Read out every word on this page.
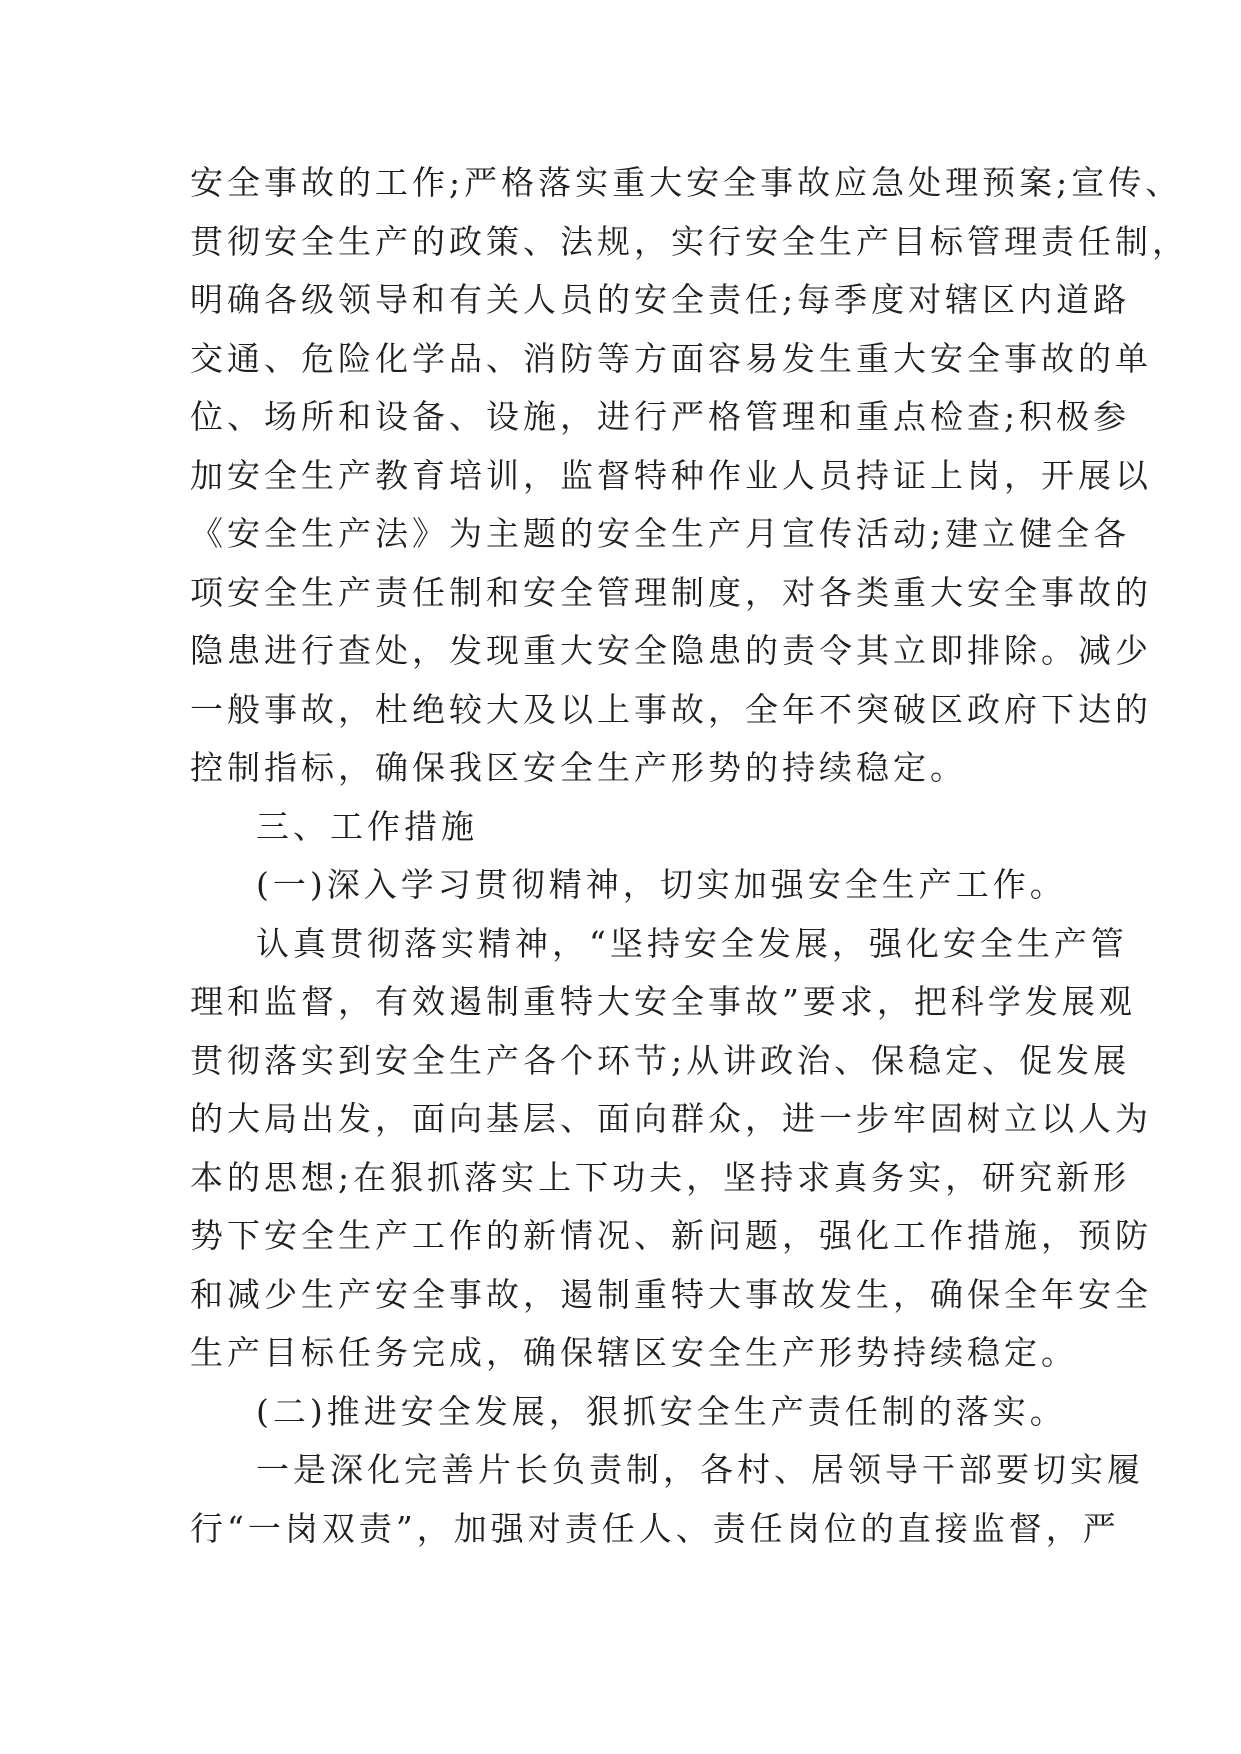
安全事故的工作;严格落实重大安全事故应急处理预案;宣传、
贯彻安全生产的政策、法规，实行安全生产目标管理责任制，
明确各级领导和有关人员的安全责任;每季度对辖区内道路
交通、危险化学品、消防等方面容易发生重大安全事故的单
位、场所和设备、设施，进行严格管理和重点检查;积极参
加安全生产教育培训，监督特种作业人员持证上岗，开展以
《安全生产法》为主题的安全生产月宣传活动;建立健全各
项安全生产责任制和安全管理制度，对各类重大安全事故的
隐患进行查处，发现重大安全隐患的责令其立即排除。减少
一般事故，杜绝较大及以上事故，全年不突破区政府下达的
控制指标，确保我区安全生产形势的持续稳定。
三、工作措施
(一)深入学习贯彻精神，切实加强安全生产工作。
认真贯彻落实精神，“坚持安全发展，强化安全生产管
理和监督，有效遏制重特大安全事故”要求，把科学发展观
贯彻落实到安全生产各个环节;从讲政治、保稳定、促发展
的大局出发，面向基层、面向群众，进一步牢固树立以人为
本的思想;在狠抓落实上下功夫，坚持求真务实，研究新形
势下安全生产工作的新情况、新问题，强化工作措施，预防
和减少生产安全事故，遏制重特大事故发生，确保全年安全
生产目标任务完成，确保辖区安全生产形势持续稳定。
(二)推进安全发展，狠抓安全生产责任制的落实。
一是深化完善片长负责制，各村、居领导干部要切实履
行“一岗双责”，加强对责任人、责任岗位的直接监督，严
